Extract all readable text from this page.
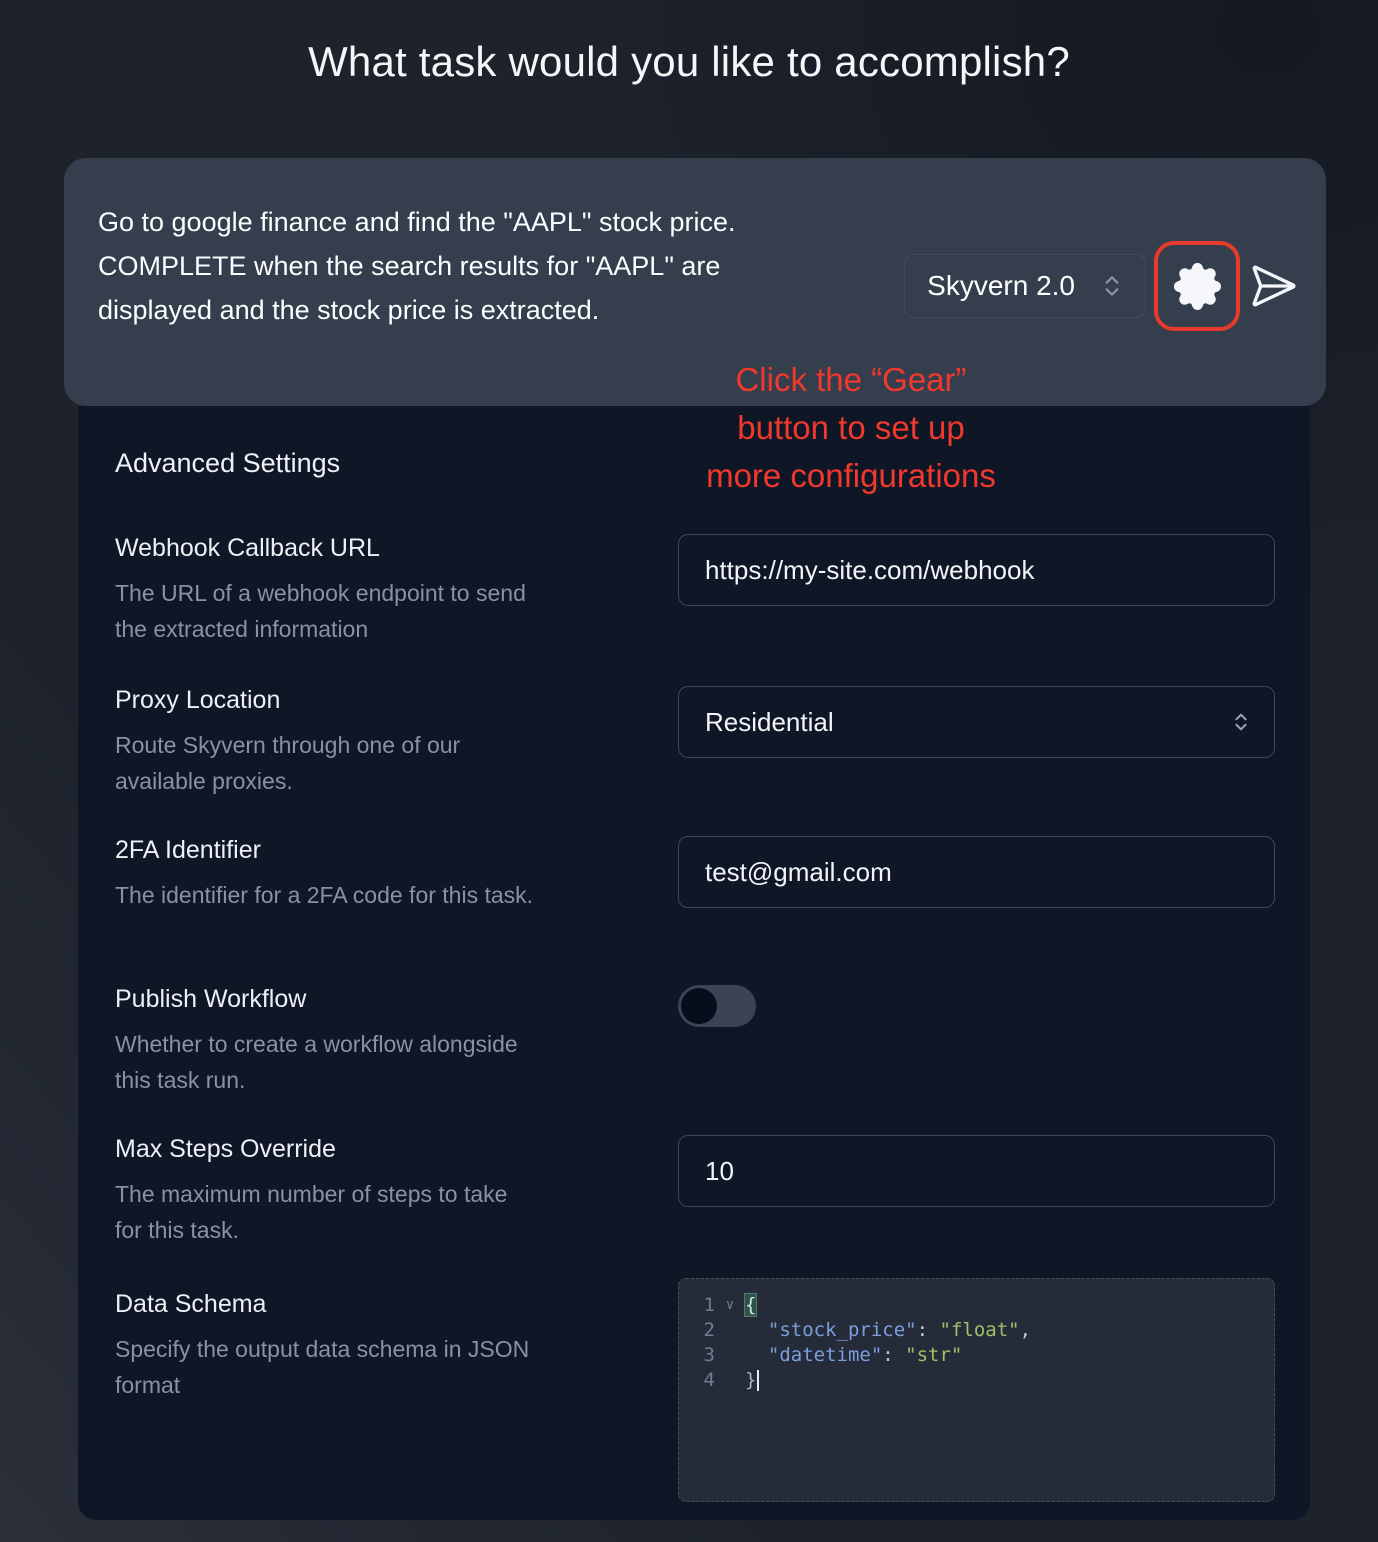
What task would you like to accomplish?
Go to google finance and find the "AAPL" stock price. COMPLETE when the search results for "AAPL" are displayed and the stock price is extracted.
Skyvern 2.0
Click the “Gear”
button to set up
more configurations
Advanced Settings
Webhook Callback URL
The URL of a webhook endpoint to send the extracted information
https://my-site.com/webhook
Proxy Location
Route Skyvern through one of our available proxies.
Residential
2FA Identifier
The identifier for a 2FA code for this task.
test@gmail.com
Publish Workflow
Whether to create a workflow alongside this task run.
Max Steps Override
The maximum number of steps to take for this task.
10
Data Schema
Specify the output data schema in JSON format
1 ∨ {
2	"stock_price": "float",
3	"datetime": "str"
4 }
